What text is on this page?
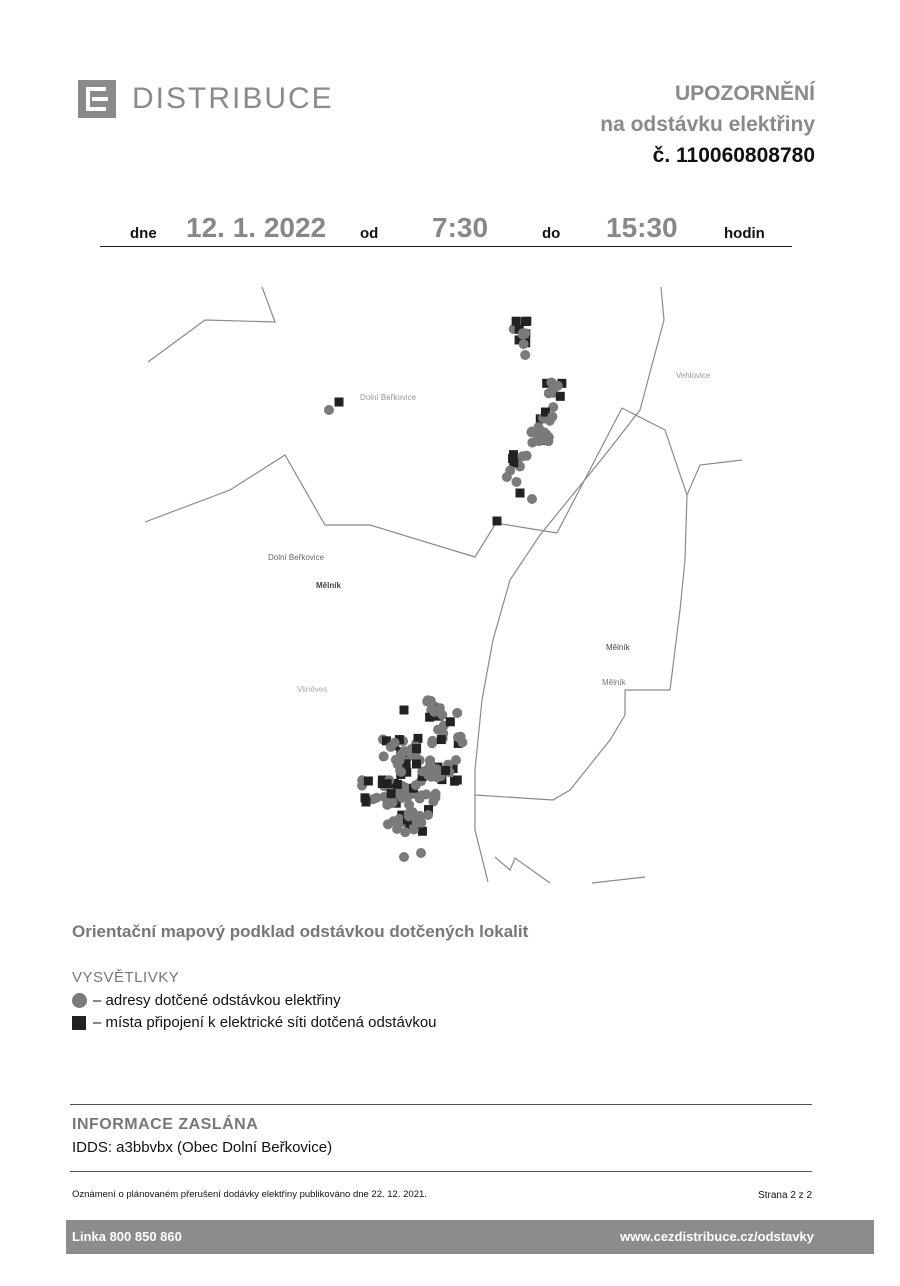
DISTRIBUCE	UPOZORNĚNÍ
na odstávku elektřiny
č. 110060808780
dne 12. 1. 2022 od 7:30	do 15:30	hodin
Dolní Beřkovice
Vehlovice
Dolní Beřkovice
Mělník
Mělník
Mělník
Vliněves
Orientační mapový podklad odstávkou dotčených lokalit
VYSVĚTLIVKY
– adresy dotčené odstávkou elektřiny
– místa připojení k elektrické síti dotčená odstávkou
INFORMACE ZASLÁNA
IDDS: a3bbvbx (Obec Dolní Beřkovice)
Oznámení o plánovaném přerušení dodávky elektřiny publikováno dne 22. 12. 2021.	Strana 2 z 2
Linka 800 850 860	www.cezdistribuce.cz/odstavky
